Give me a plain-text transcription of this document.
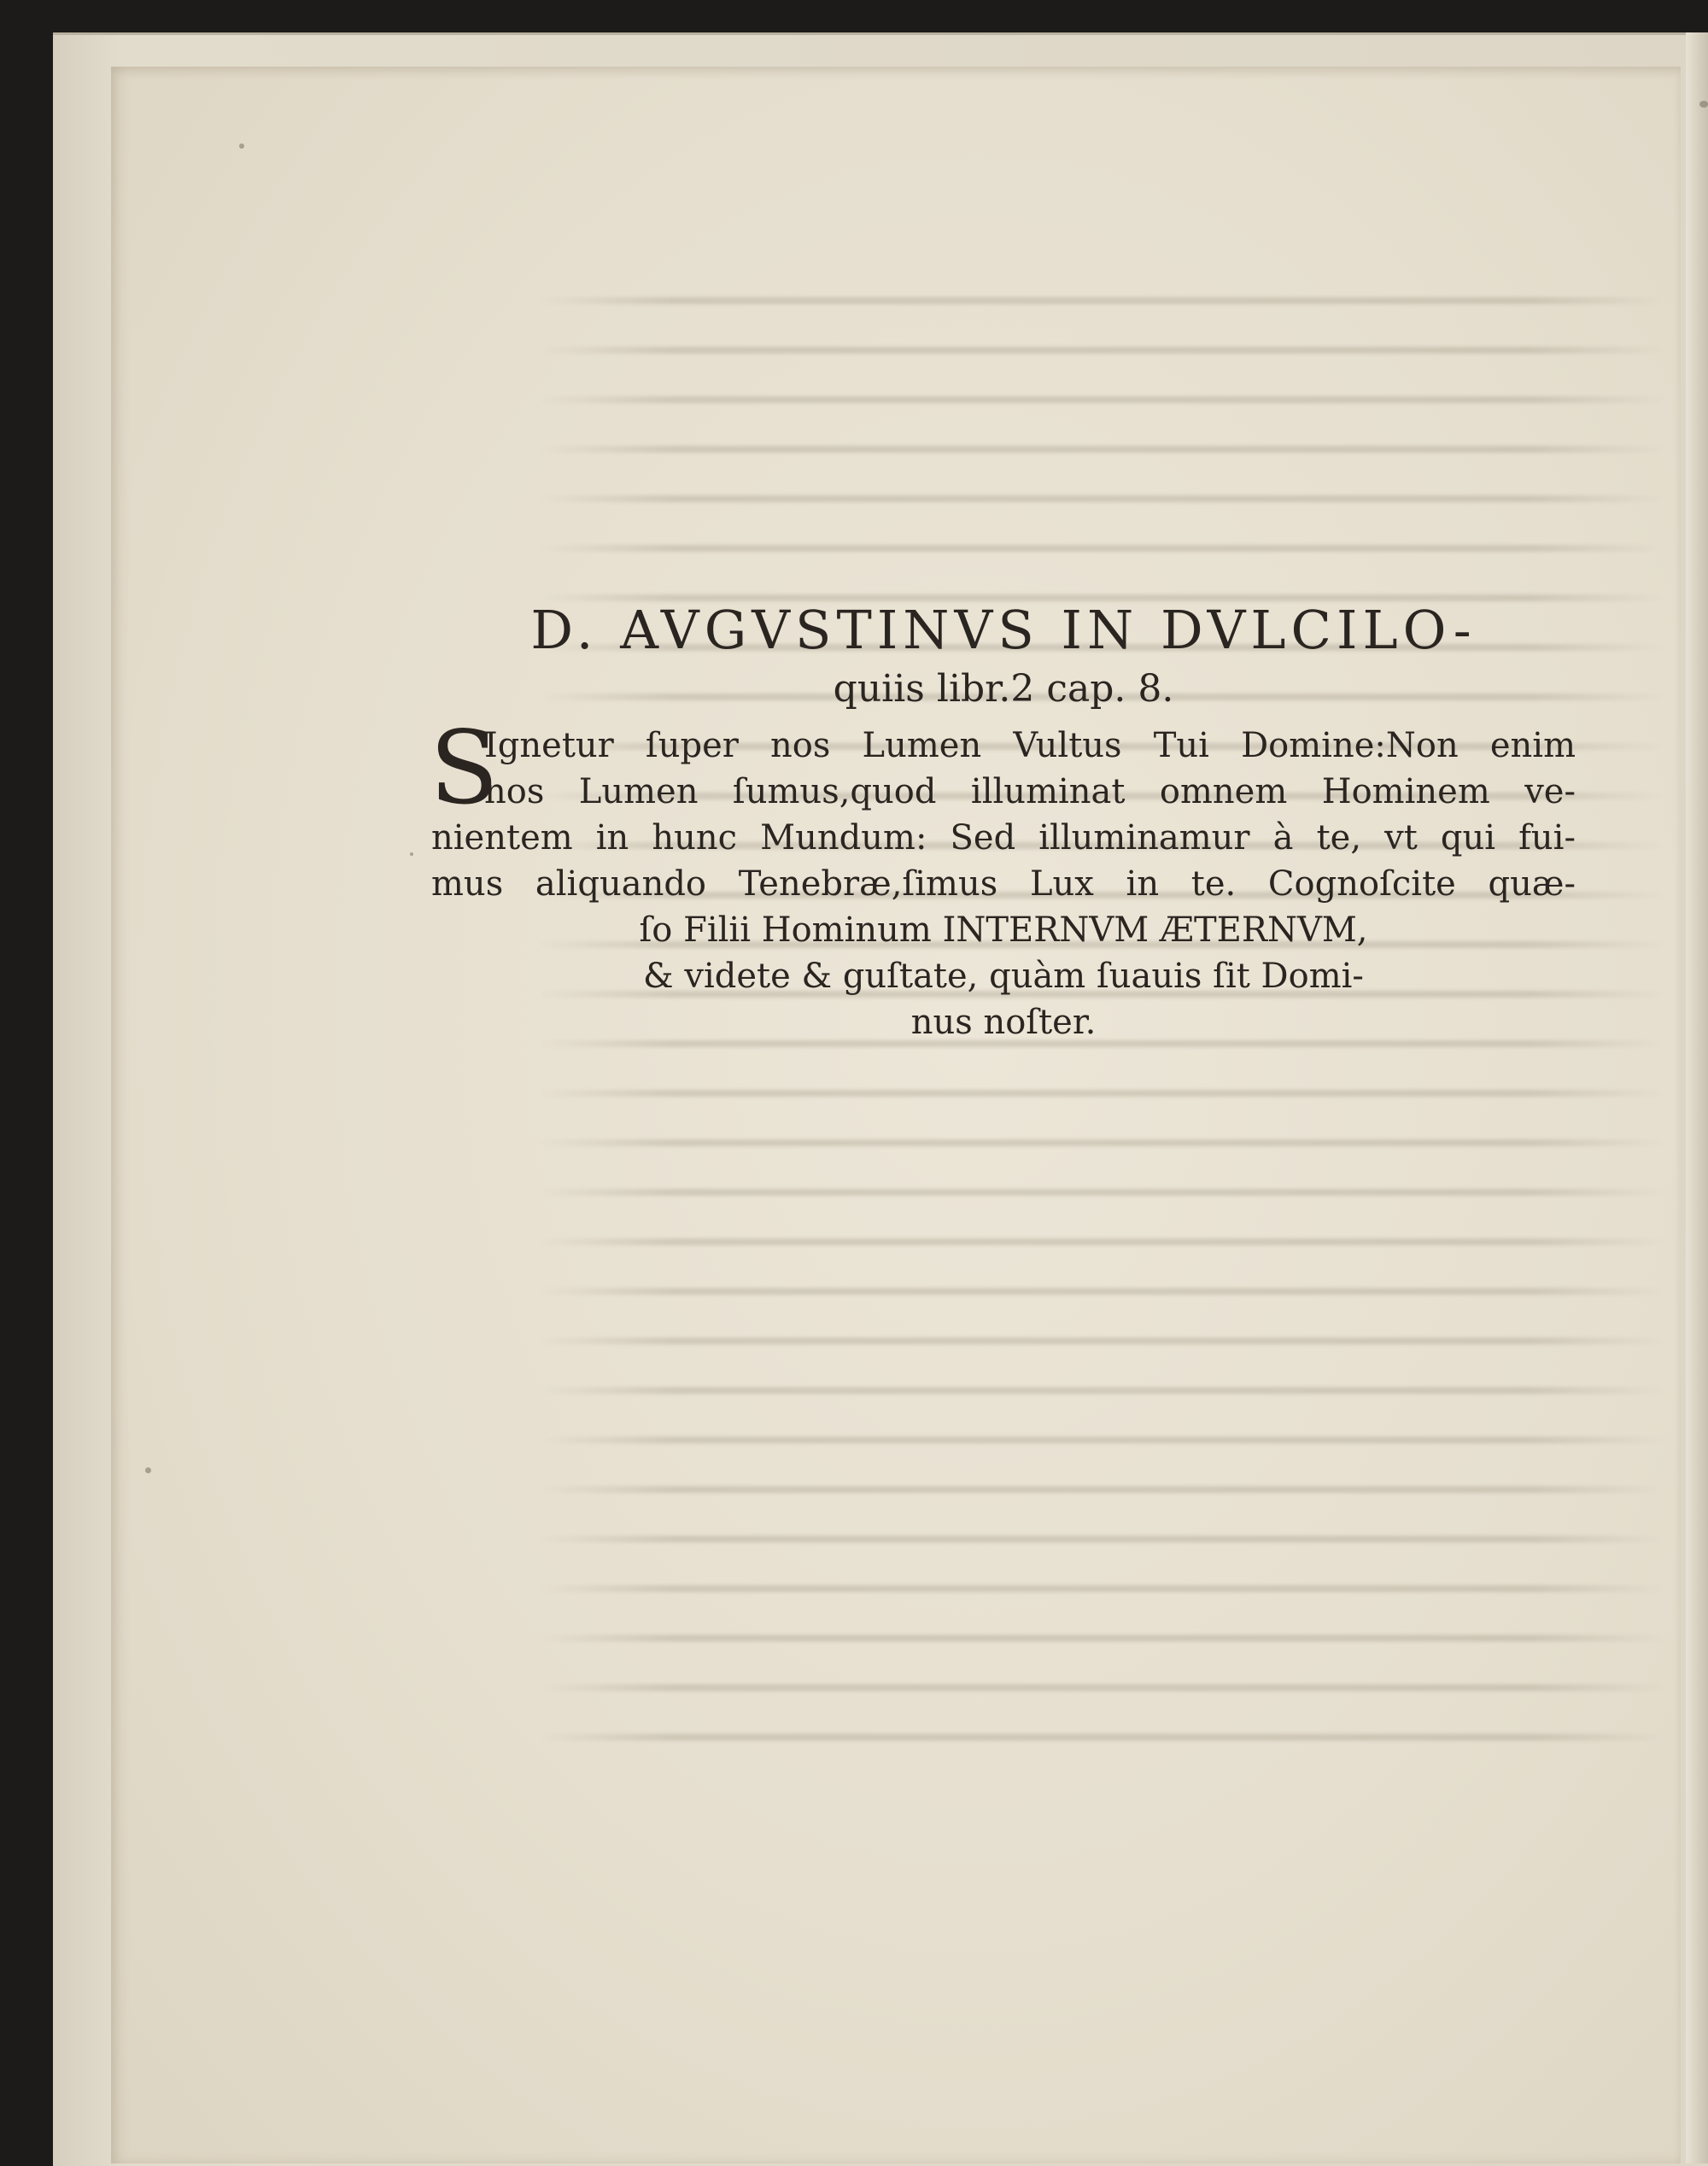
D. AVGVSTINVS IN DVLCILO-

quiis libr.2 cap. 8.

S
Ignetur ſuper nos Lumen Vultus Tui Domine:Non enim

nos Lumen ſumus,quod illuminat omnem Hominem ve-

nientem in hunc Mundum: Sed illuminamur à te, vt qui fui-

mus aliquando Tenebræ,ſimus Lux in te. Cognoſcite quæ-

ſo Filii Hominum INTERNVM ÆTERNVM,

& videte & guſtate, quàm ſuauis ſit Domi-

nus noſter.
